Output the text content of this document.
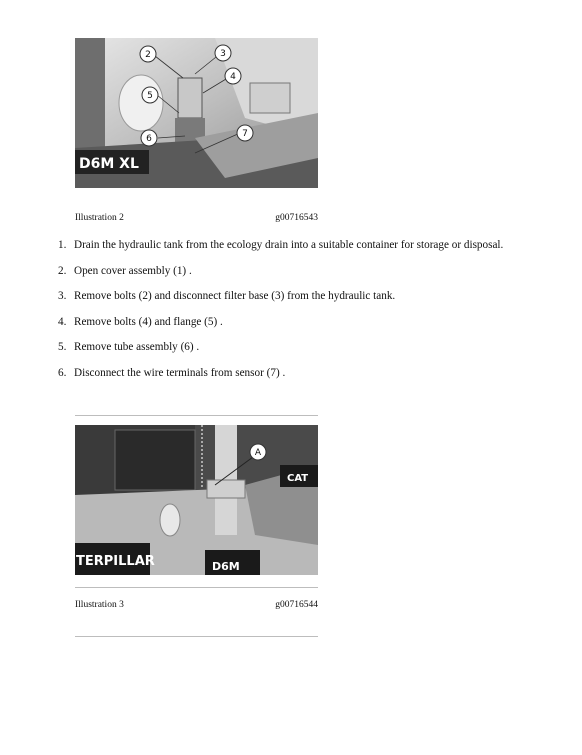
2	3
4
5
6	7
D6M XL
Illustration 2	g00716543
1. Drain the hydraulic tank from the ecology drain into a suitable container for storage or disposal.
2. Open cover assembly (1) .
3. Remove bolts (2) and disconnect filter base (3) from the hydraulic tank.
4. Remove bolts (4) and flange (5) .
5. Remove tube assembly (6) .
6. Disconnect the wire terminals from sensor (7) .
A
TERPILLAR	D6M
CAT
Illustration 3	g00716544
